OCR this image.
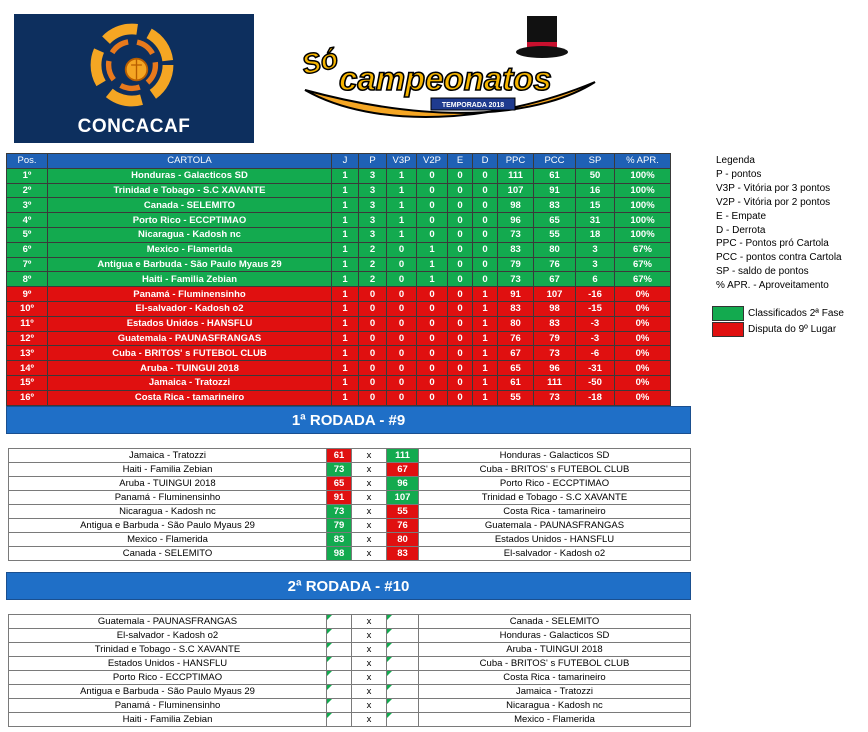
CONCACAF
Só
campeonatos
TEMPORADA 2018
Pos.	CARTOLA	J	P	V3P	V2P	E	D	PPC	PCC	SP	% APR.
1º	Honduras - Galacticos SD	1	3	1	0	0	0	111	61	50	100%
2º	Trinidad e Tobago - S.C XAVANTE	1	3	1	0	0	0	107	91	16	100%
3º	Canada - SELEMITO	1	3	1	0	0	0	98	83	15	100%
4º	Porto Rico - ECCPTIMAO	1	3	1	0	0	0	96	65	31	100%
5º	Nicaragua - Kadosh nc	1	3	1	0	0	0	73	55	18	100%
6º	Mexico - Flamerida	1	2	0	1	0	0	83	80	3	67%
7º	Antigua e Barbuda - São Paulo Myaus 29	1	2	0	1	0	0	79	76	3	67%
8º	Haiti - Familia Zebian	1	2	0	1	0	0	73	67	6	67%
9º	Panamá - Fluminensinho	1	0	0	0	0	1	91	107	-16	0%
10º	El-salvador - Kadosh o2	1	0	0	0	0	1	83	98	-15	0%
11º	Estados Unidos - HANSFLU	1	0	0	0	0	1	80	83	-3	0%
12º	Guatemala - PAUNASFRANGAS	1	0	0	0	0	1	76	79	-3	0%
13º	Cuba - BRITOS' s FUTEBOL CLUB	1	0	0	0	0	1	67	73	-6	0%
14º	Aruba - TUINGUI 2018	1	0	0	0	0	1	65	96	-31	0%
15º	Jamaica - Tratozzi	1	0	0	0	0	1	61	111	-50	0%
16º	Costa Rica - tamarineiro	1	0	0	0	0	1	55	73	-18	0%
Legenda
P - pontos
V3P - Vitória por 3 pontos
V2P - Vitória por 2 pontos
E - Empate
D - Derrota
PPC - Pontos pró Cartola
PCC - pontos contra Cartola
SP - saldo de pontos
% APR. - Aproveitamento
Classificados 2ª Fase
Disputa do 9º Lugar
1ª RODADA - #9
Jamaica - Tratozzi	61	x	111	Honduras - Galacticos SD
Haiti - Familia Zebian	73	x	67	Cuba - BRITOS' s FUTEBOL CLUB
Aruba - TUINGUI 2018	65	x	96	Porto Rico - ECCPTIMAO
Panamá - Fluminensinho	91	x	107	Trinidad e Tobago - S.C XAVANTE
Nicaragua - Kadosh nc	73	x	55	Costa Rica - tamarineiro
Antigua e Barbuda - São Paulo Myaus 29	79	x	76	Guatemala - PAUNASFRANGAS
Mexico - Flamerida	83	x	80	Estados Unidos - HANSFLU
Canada - SELEMITO	98	x	83	El-salvador - Kadosh o2
2ª RODADA - #10
Guatemala - PAUNASFRANGAS		x		Canada - SELEMITO
El-salvador - Kadosh o2		x		Honduras - Galacticos SD
Trinidad e Tobago - S.C XAVANTE		x		Aruba - TUINGUI 2018
Estados Unidos - HANSFLU		x		Cuba - BRITOS' s FUTEBOL CLUB
Porto Rico - ECCPTIMAO		x		Costa Rica - tamarineiro
Antigua e Barbuda - São Paulo Myaus 29		x		Jamaica - Tratozzi
Panamá - Fluminensinho		x		Nicaragua - Kadosh nc
Haiti - Familia Zebian		x		Mexico - Flamerida
